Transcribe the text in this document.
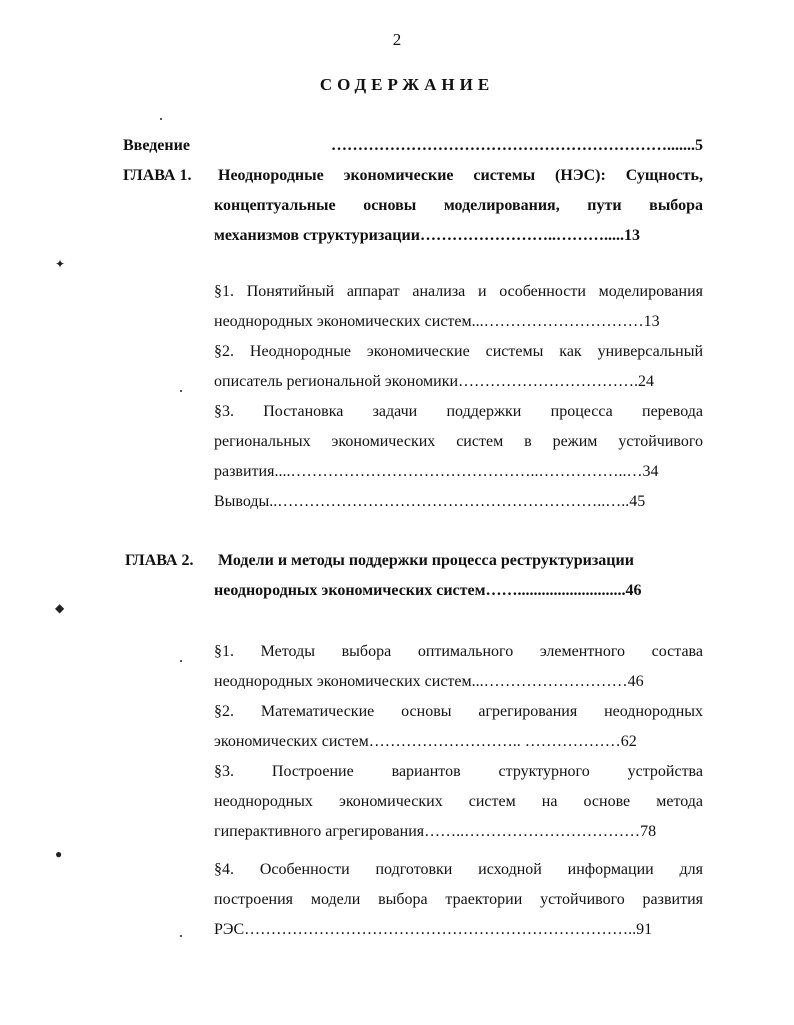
2
СОДЕРЖАНИЕ
Введение	……………………………………………………….......5
ГЛАВА 1. Неоднородные экономические системы (НЭС): Сущность,
концептуальные основы моделирования, пути выбора
механизмов структуризации……………………..……….....13
§1. Понятийный аппарат анализа и особенности моделирования
неоднородных экономических систем...…………………………13
§2. Неоднородные экономические системы как универсальный
описатель региональной экономики…………………………….24
§3. Постановка задачи поддержки процесса перевода
региональных экономических систем в режим устойчивого
развития....………………………………………..……………..…34
Выводы..……………………………………………………..…..45
ГЛАВА 2. Модели и методы поддержки процесса реструктуризации
неоднородных экономических систем……...........................46
§1. Методы выбора оптимального элементного состава
неоднородных экономических систем...………………………46
§2. Математические основы агрегирования неоднородных
экономических систем……………………….. ………………62
§3. Построение вариантов структурного устройства
неоднородных экономических систем на основе метода
гиперактивного агрегирования……..……………………………78
§4. Особенности подготовки исходной информации для
построения модели выбора траектории устойчивого развития
РЭС………………………………………………………………..91
✦
◆
●
